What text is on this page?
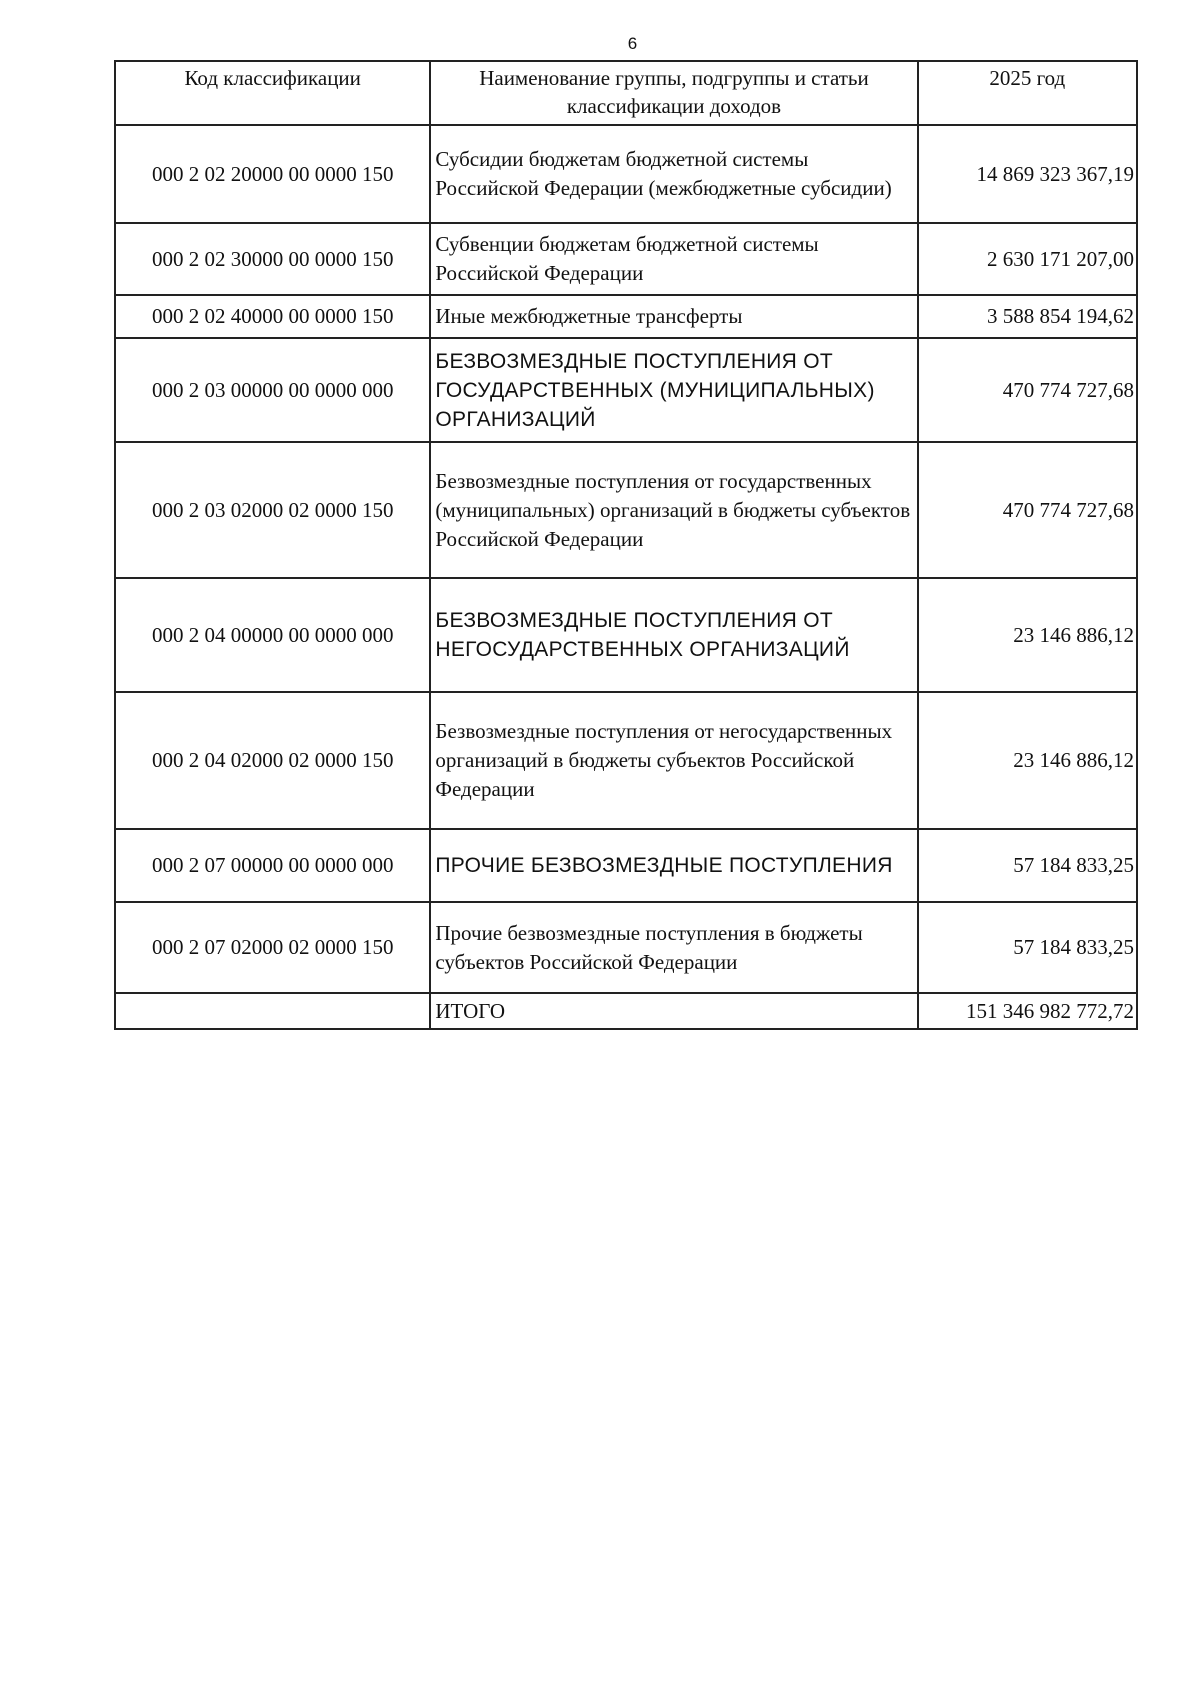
6
Код классификации	Наименование группы, подгруппы и статьи классификации доходов	2025 год
000 2 02 20000 00 0000 150	Субсидии бюджетам бюджетной системы Российской Федерации (межбюджетные субсидии)	14 869 323 367,19
000 2 02 30000 00 0000 150	Субвенции бюджетам бюджетной системы Российской Федерации	2 630 171 207,00
000 2 02 40000 00 0000 150	Иные межбюджетные трансферты	3 588 854 194,62
000 2 03 00000 00 0000 000	БЕЗВОЗМЕЗДНЫЕ ПОСТУПЛЕНИЯ ОТ ГОСУДАРСТВЕННЫХ (МУНИЦИПАЛЬНЫХ) ОРГАНИЗАЦИЙ	470 774 727,68
000 2 03 02000 02 0000 150	Безвозмездные поступления от государственных (муниципальных) организаций в бюджеты субъектов Российской Федерации	470 774 727,68
000 2 04 00000 00 0000 000	БЕЗВОЗМЕЗДНЫЕ ПОСТУПЛЕНИЯ ОТ НЕГОСУДАРСТВЕННЫХ ОРГАНИЗАЦИЙ	23 146 886,12
000 2 04 02000 02 0000 150	Безвозмездные поступления от негосударственных организаций в бюджеты субъектов Российской Федерации	23 146 886,12
000 2 07 00000 00 0000 000	ПРОЧИЕ БЕЗВОЗМЕЗДНЫЕ ПОСТУПЛЕНИЯ	57 184 833,25
000 2 07 02000 02 0000 150	Прочие безвозмездные поступления в бюджеты субъектов Российской Федерации	57 184 833,25
	ИТОГО	151 346 982 772,72
